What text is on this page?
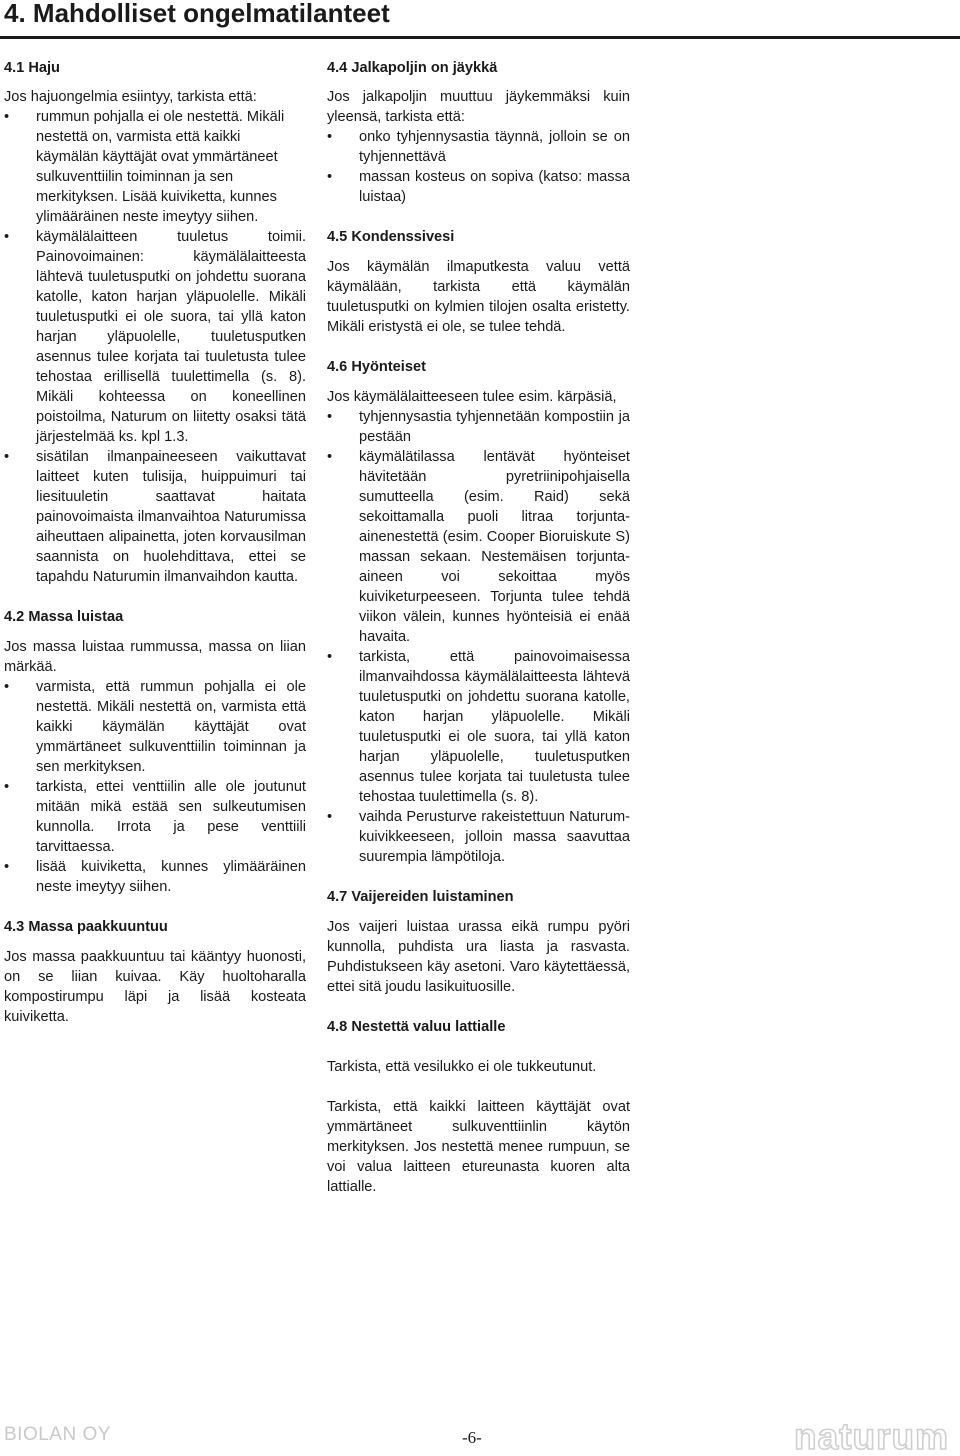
4. Mahdolliset ongelmatilanteet
4.1 Haju

Jos hajuongelmia esiintyy, tarkista että:

• rummun pohjalla ei ole nestettä. Mikäli nestettä on, varmista että kaikki käymälän käyttäjät ovat ymmärtäneet sulkuventtiilin toiminnan ja sen merkityksen. Lisää kuiviketta, kunnes ylimääräinen neste imeytyy siihen.
• käymälälaitteen tuuletus toimii. Painovoimainen: käymälälaitteesta lähtevä tuuletusputki on johdettu suorana katolle, katon harjan yläpuolelle. Mikäli tuuletusputki ei ole suora, tai yllä katon harjan yläpuolelle, tuuletusputken asennus tulee korjata tai tuuletusta tulee tehostaa erillisellä tuulettimella (s. 8). Mikäli kohteessa on koneellinen poistoilma, Naturum on liitetty osaksi tätä järjestelmää ks. kpl 1.3.
• sisätilan ilmanpaineeseen vaikuttavat laitteet kuten tulisija, huippuimuri tai liesituuletin saattavat haitata painovoimaista ilmanvaihtoa Naturumissa aiheuttaen alipainetta, joten korvausilman saannista on huolehdittava, ettei se tapahdu Naturumin ilmanvaihdon kautta.
4.2 Massa luistaa

Jos massa luistaa rummussa, massa on liian märkää.

• varmista, että rummun pohjalla ei ole nestettä. Mikäli nestettä on, varmista että kaikki käymälän käyttäjät ovat ymmärtäneet sulkuventtiilin toiminnan ja sen merkityksen.
• tarkista, ettei venttiilin alle ole joutunut mitään mikä estää sen sulkeutumisen kunnolla. Irrota ja pese venttiili tarvittaessa.
• lisää kuiviketta, kunnes ylimääräinen neste imeytyy siihen.
4.3 Massa paakkuuntuu

Jos massa paakkuuntuu tai kääntyy huonosti, on se liian kuivaa. Käy huoltoharalla kompostirumpu läpi ja lisää kosteata kuiviketta.

4.4 Jalkapoljin on jäykkä

Jos jalkapoljin muuttuu jäykemmäksi kuin yleensä, tarkista että:

• onko tyhjennysastia täynnä, jolloin se on tyhjennettävä
• massan kosteus on sopiva (katso: massa luistaa)
4.5 Kondenssivesi

Jos käymälän ilmaputkesta valuu vettä käymälään, tarkista että käymälän tuuletusputki on kylmien tilojen osalta eristetty. Mikäli eristystä ei ole, se tulee tehdä.

4.6 Hyönteiset

Jos käymälälaitteeseen tulee esim. kärpäsiä,

• tyhjennysastia tyhjennetään kompostiin ja pestään
• käymälätilassa lentävät hyönteiset hävitetään pyretriinipohjaisella sumutteella (esim. Raid) sekä sekoittamalla puoli litraa torjunta-ainenestettä (esim. Cooper Bioruiskute S) massan sekaan. Nestemäisen torjunta-aineen voi sekoittaa myös kuiviketurpeeseen. Torjunta tulee tehdä viikon välein, kunnes hyönteisiä ei enää havaita.
• tarkista, että painovoimaisessa ilmanvaihdossa käymälälaitteesta lähtevä tuuletusputki on johdettu suorana katolle, katon harjan yläpuolelle. Mikäli tuuletusputki ei ole suora, tai yllä katon harjan yläpuolelle, tuuletusputken asennus tulee korjata tai tuuletusta tulee tehostaa tuulettimella (s. 8).
• vaihda Perusturve rakeistettuun Naturum-kuivikkeeseen, jolloin massa saavuttaa suurempia lämpötiloja.
4.7 Vaijereiden luistaminen

Jos vaijeri luistaa urassa eikä rumpu pyöri kunnolla, puhdista ura liasta ja rasvasta. Puhdistukseen käy asetoni. Varo käytettäessä, ettei sitä joudu lasikuituosille.

4.8 Nestettä valuu lattialle

Tarkista, että vesilukko ei ole tukkeutunut.

Tarkista, että kaikki laitteen käyttäjät ovat ymmärtäneet sulkuventtiinlin käytön merkityksen. Jos nestettä menee rumpuun, se voi valua laitteen etureunasta kuoren alta lattialle.

BIOLAN OY	-6-	naturum
